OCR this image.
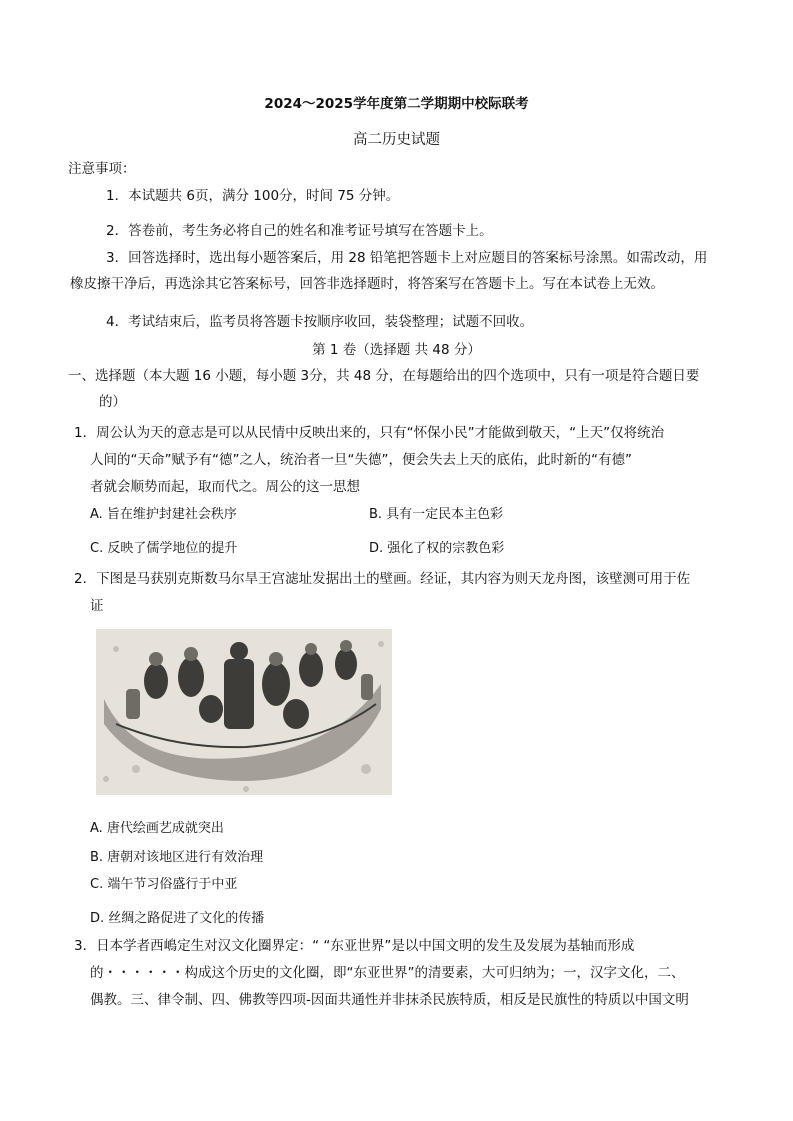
2024～2025学年度第二学期期中校际联考
高二历史试题
注意事项：
1．本试题共 6页，满分 100分，时间 75 分钟。
2．答卷前，考生务必将自己的姓名和准考证号填写在答题卡上。
3．回答选择时，选出每小题答案后，用 28 铅笔把答题卡上对应题目的答案标号涂黑。如需改动，用
橡皮擦干净后，再选涂其它答案标号，回答非选择题时，将答案写在答题卡上。写在本试卷上无效。
4．考试结束后，监考员将答题卡按顺序收回，装袋整理；试题不回收。
第 1 卷（选择题 共 48 分）
一、选择题（本大题 16 小题，每小题 3分，共 48 分，在每题给出的四个选项中，只有一项是符合题日要
的）
1．周公认为天的意志是可以从民情中反映出来的，只有“怀保小民”才能做到敬天，“上天”仅将统治
人间的“天命”赋予有“德”之人，统治者一旦“失德”，便会失去上天的底佑，此时新的“有德”
者就会顺势而起，取而代之。周公的这一思想
A. 旨在维护封建社会秩序	B. 具有一定民本主色彩
C. 反映了儒学地位的提升	D. 强化了权的宗教色彩
2．下图是马获别克斯数马尔旱王宫滤址发据出土的壁画。经证，其内容为则天龙舟图，该壁测可用于佐
证
A. 唐代绘画艺成就突出
B. 唐朝对该地区进行有效治理
C. 端午节习俗盛行于中亚
D. 丝绸之路促进了文化的传播
3．日本学者西嶋定生对汉文化圈界定：“ “东亚世界”是以中国文明的发生及发展为基轴而形成
的・・・・・・构成这个历史的文化圈，即“东亚世界”的清要素，大可归纳为；一，汉字文化，二、
偶教。三、律令制、四、佛教等四项-因面共通性并非抹杀民族特质，相反是民旗性的特质以中国文明
